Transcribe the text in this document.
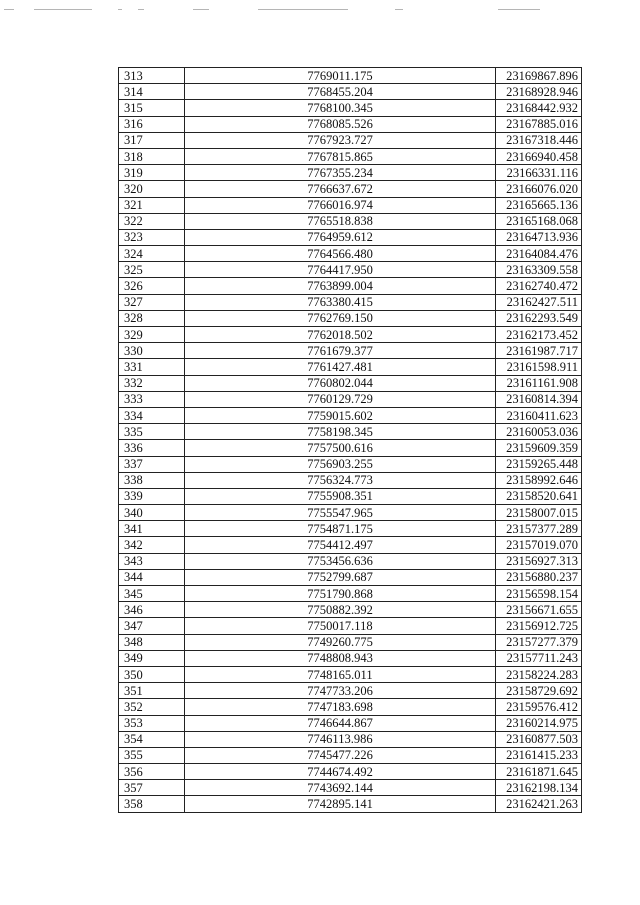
313	7769011.175	23169867.896
314	7768455.204	23168928.946
315	7768100.345	23168442.932
316	7768085.526	23167885.016
317	7767923.727	23167318.446
318	7767815.865	23166940.458
319	7767355.234	23166331.116
320	7766637.672	23166076.020
321	7766016.974	23165665.136
322	7765518.838	23165168.068
323	7764959.612	23164713.936
324	7764566.480	23164084.476
325	7764417.950	23163309.558
326	7763899.004	23162740.472
327	7763380.415	23162427.511
328	7762769.150	23162293.549
329	7762018.502	23162173.452
330	7761679.377	23161987.717
331	7761427.481	23161598.911
332	7760802.044	23161161.908
333	7760129.729	23160814.394
334	7759015.602	23160411.623
335	7758198.345	23160053.036
336	7757500.616	23159609.359
337	7756903.255	23159265.448
338	7756324.773	23158992.646
339	7755908.351	23158520.641
340	7755547.965	23158007.015
341	7754871.175	23157377.289
342	7754412.497	23157019.070
343	7753456.636	23156927.313
344	7752799.687	23156880.237
345	7751790.868	23156598.154
346	7750882.392	23156671.655
347	7750017.118	23156912.725
348	7749260.775	23157277.379
349	7748808.943	23157711.243
350	7748165.011	23158224.283
351	7747733.206	23158729.692
352	7747183.698	23159576.412
353	7746644.867	23160214.975
354	7746113.986	23160877.503
355	7745477.226	23161415.233
356	7744674.492	23161871.645
357	7743692.144	23162198.134
358	7742895.141	23162421.263
